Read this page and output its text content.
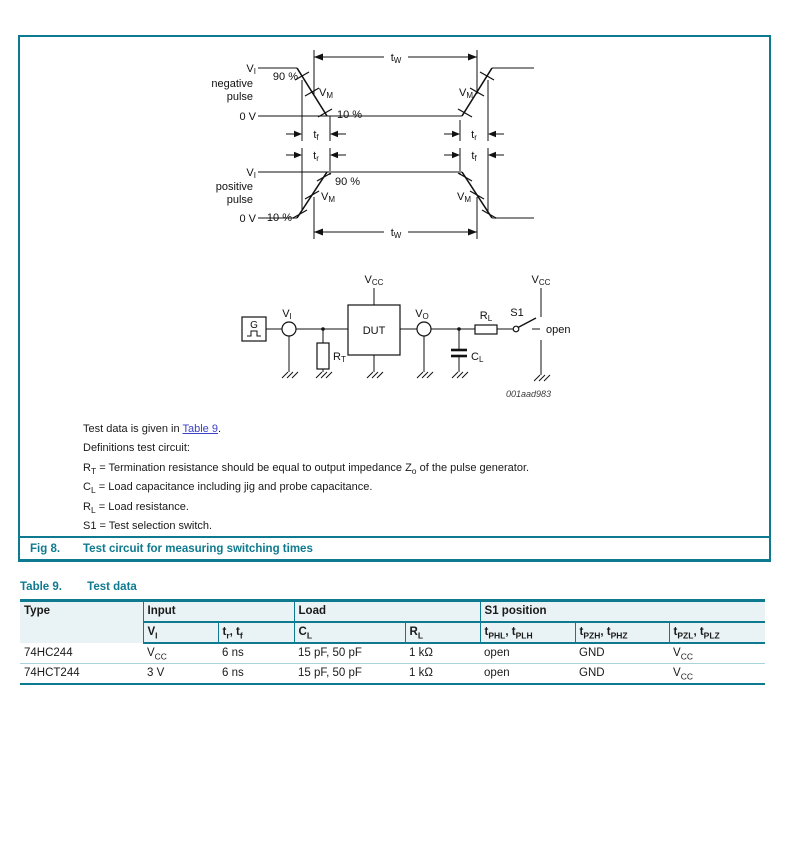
VI
negative
pulse
0 V
90 %
VM
10 %
VM
tW
tf	tr
tr	tf
VI
positive
pulse
0 V 10 %
90 %
VM	VM
tW
VCC
G
VI
RT
DUT
VO
CL
RL S1
VCC
open
001aad983
Test data is given in Table 9.
Definitions test circuit:
$R_T$ = Termination resistance should be equal to output impedance $Z_o$ of the pulse generator.
$C_L$ = Load capacitance including jig and probe capacitance.
$R_L$ = Load resistance.
S1 = Test selection switch.
Fig 8.	Test circuit for measuring switching times
Table 9. Test data
Type	Input		Load		S1 position		
	$V_I$	$t_r$, $t_f$	$C_L$	$R_L$	$t_{PHL}$, $t_{PLH}$	$t_{PZH}$, $t_{PHZ}$	$t_{PZL}$, $t_{PLZ}$
74HC244	$V_{CC}$	6 ns	15 pF, 50 pF	1 kΩ	open	GND	$V_{CC}$
74HCT244	3 V	6 ns	15 pF, 50 pF	1 kΩ	open	GND	$V_{CC}$
